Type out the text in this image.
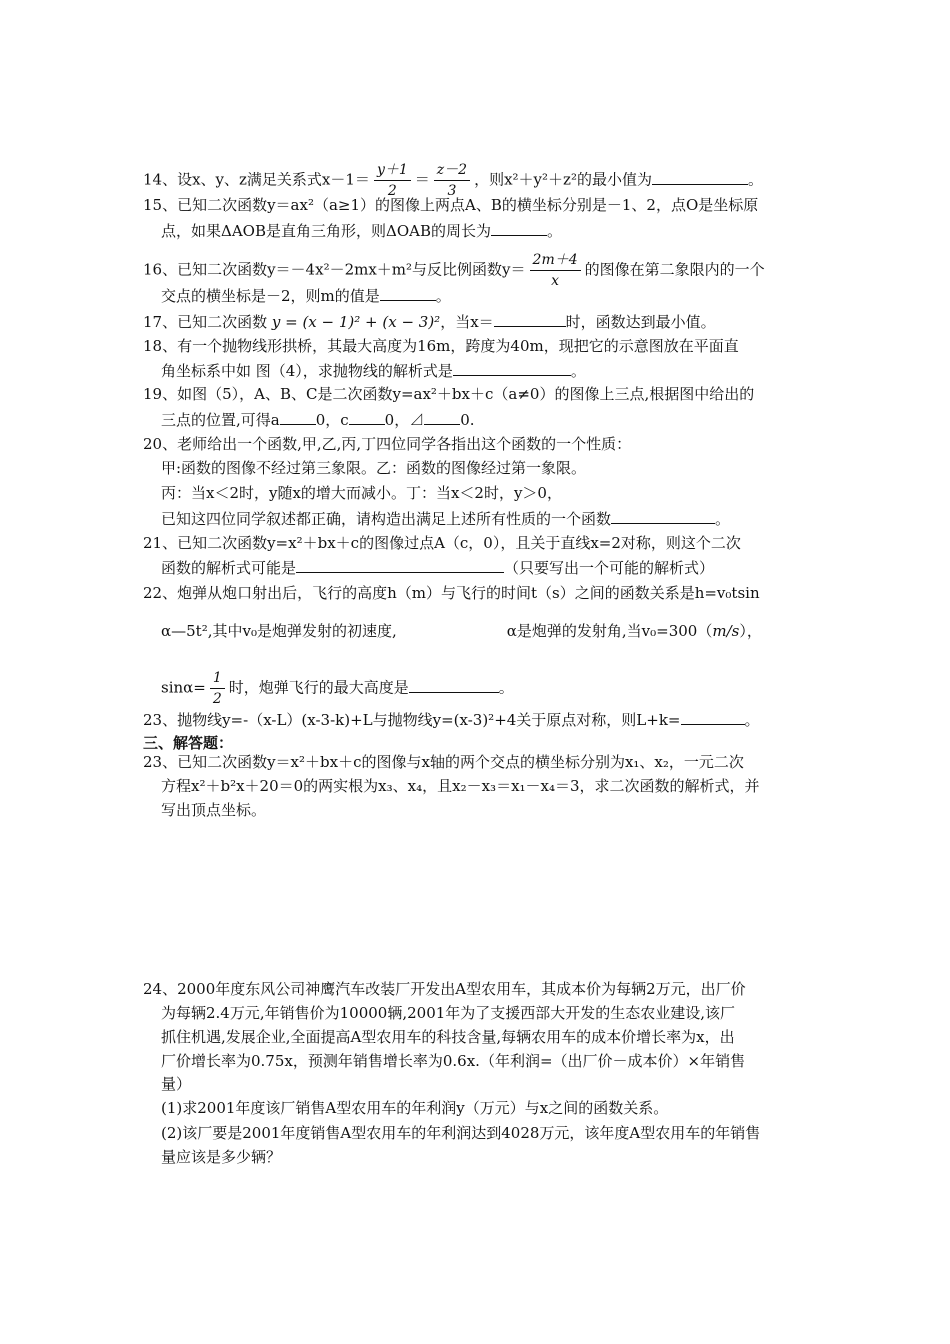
14、设x、y、z满足关系式$x-1= \frac{y+1}{2} = \frac{z-2}{3}$ ，则x²＋y²＋z²的最小值为	。
15、已知二次函数y＝ax²（a≥1）的图像上两点A、B的横坐标分别是－1、2，点O是坐标原
点，如果ΔAOB是直角三角形，则ΔOAB的周长为	。
16、已知二次函数y＝－4x²－2mx＋m²与反比例函数$y= \frac{2m+4}{x}$ 的图像在第二象限内的一个
交点的横坐标是－2，则m的值是	。
17、已知二次函数 y = (x − 1)² + (x − 3)²，当x＝	时，函数达到最小值。
18、有一个抛物线形拱桥，其最大高度为16m，跨度为40m，现把它的示意图放在平面直
角坐标系中如 图（4），求抛物线的解析式是	。
19、如图（5），A、B、C是二次函数y=ax²＋bx＋c（a≠0）的图像上三点,根据图中给出的
三点的位置,可得a 0，c 0，⊿ 0.
20、老师给出一个函数,甲,乙,丙,丁四位同学各指出这个函数的一个性质：
甲:函数的图像不经过第三象限。乙：函数的图像经过第一象限。
丙：当x＜2时，y随x的增大而减小。丁：当x＜2时，y＞0，
已知这四位同学叙述都正确，请构造出满足上述所有性质的一个函数	。
21、已知二次函数y=x²＋bx＋c的图像过点A（c，0），且关于直线x=2对称，则这个二次
函数的解析式可能是	（只要写出一个可能的解析式）
22、炮弹从炮口射出后，飞行的高度h（m）与飞行的时间t（s）之间的函数关系是h=v₀tsin
α—5t²,其中v₀是炮弹发射的初速度,	α是炮弹的发射角,当v₀=300（m/s），
$\sin\alpha= \frac{1}{2}$ 时，炮弹飞行的最大高度是	。
23、抛物线y=-（x-L）(x-3-k)+L与抛物线y=(x-3)²+4关于原点对称，则L+k=	。
三、解答题：
23、已知二次函数y＝x²＋bx＋c的图像与x轴的两个交点的横坐标分别为x₁、x₂，一元二次
方程x²＋b²x＋20＝0的两实根为x₃、x₄，且x₂－x₃＝x₁－x₄＝3，求二次函数的解析式，并
写出顶点坐标。
24、2000年度东风公司神鹰汽车改装厂开发出A型农用车，其成本价为每辆2万元，出厂价
为每辆2.4万元,年销售价为10000辆,2001年为了支援西部大开发的生态农业建设,该厂
抓住机遇,发展企业,全面提高A型农用车的科技含量,每辆农用车的成本价增长率为x，出
厂价增长率为0.75x，预测年销售增长率为0.6x.（年利润=（出厂价－成本价）×年销售
量）
(1)求2001年度该厂销售A型农用车的年利润y（万元）与x之间的函数关系。
(2)该厂要是2001年度销售A型农用车的年利润达到4028万元，该年度A型农用车的年销售
量应该是多少辆？
